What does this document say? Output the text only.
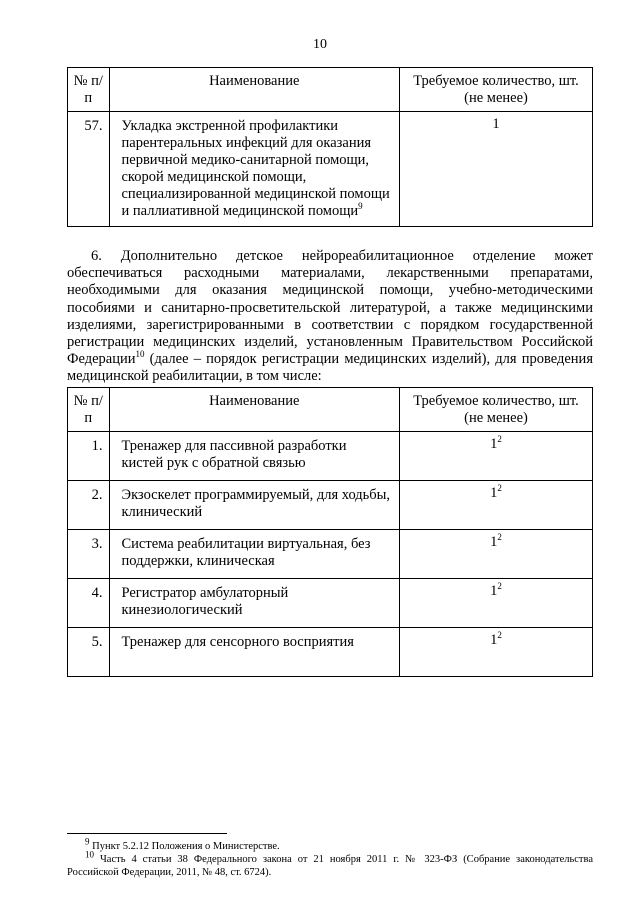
10
№ п/п	Наименование	Требуемое количество, шт. (не менее)
57.	Укладка экстренной профилактики парентеральных инфекций для оказания первичной медико-санитарной помощи, скорой медицинской помощи, специализированной медицинской помощи и паллиативной медицинской помощи$^9$	1
6. Дополнительно детское нейрореабилитационное отделение может обеспечиваться расходными материалами, лекарственными препаратами, необходимыми для оказания медицинской помощи, учебно-методическими пособиями и санитарно-просветительской литературой, а также медицинскими изделиями, зарегистрированными в соответствии с порядком государственной регистрации медицинских изделий, установленным Правительством Российской Федерации$^{10}$ (далее – порядок регистрации медицинских изделий), для проведения медицинской реабилитации, в том числе:
№ п/п	Наименование	Требуемое количество, шт. (не менее)
1.	Тренажер для пассивной разработки кистей рук с обратной связью	$1^2$
2.	Экзоскелет программируемый, для ходьбы, клинический	$1^2$
3.	Система реабилитации виртуальная, без поддержки, клиническая	$1^2$
4.	Регистратор амбулаторный кинезиологический	$1^2$
5.	Тренажер для сенсорного восприятия	$1^2$

$^9$ Пункт 5.2.12 Положения о Министерстве.

$^{10}$ Часть 4 статьи 38 Федерального закона от 21 ноября 2011 г. № 323-ФЗ (Собрание законодательства Российской Федерации, 2011, № 48, ст. 6724).
